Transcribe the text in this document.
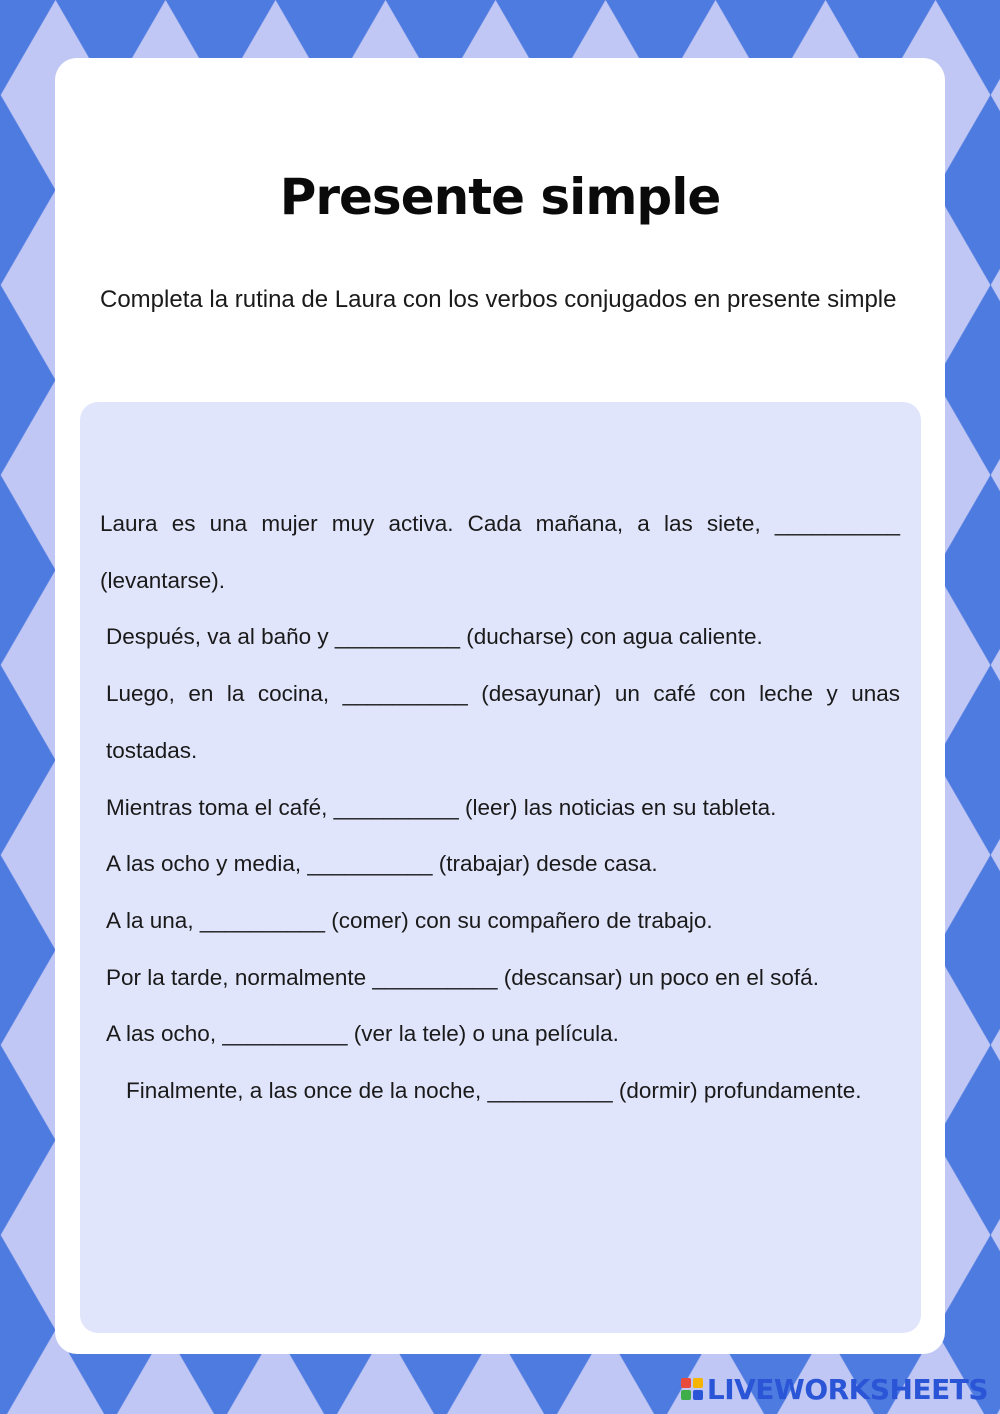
Presente simple
Completa la rutina de Laura con los verbos conjugados en presente simple

Laura es una mujer muy activa. Cada mañana, a las siete, __________ (levantarse).

Después, va al baño y __________ (ducharse) con agua caliente.

Luego, en la cocina, __________ (desayunar) un café con leche y unas tostadas.

Mientras toma el café, __________ (leer) las noticias en su tableta.

A las ocho y media, __________ (trabajar) desde casa.

A la una, __________ (comer) con su compañero de trabajo.

Por la tarde, normalmente __________ (descansar) un poco en el sofá.

A las ocho, __________ (ver la tele) o una película.

Finalmente, a las once de la noche, __________ (dormir) profundamente.

LIVEWORKSHEETS
